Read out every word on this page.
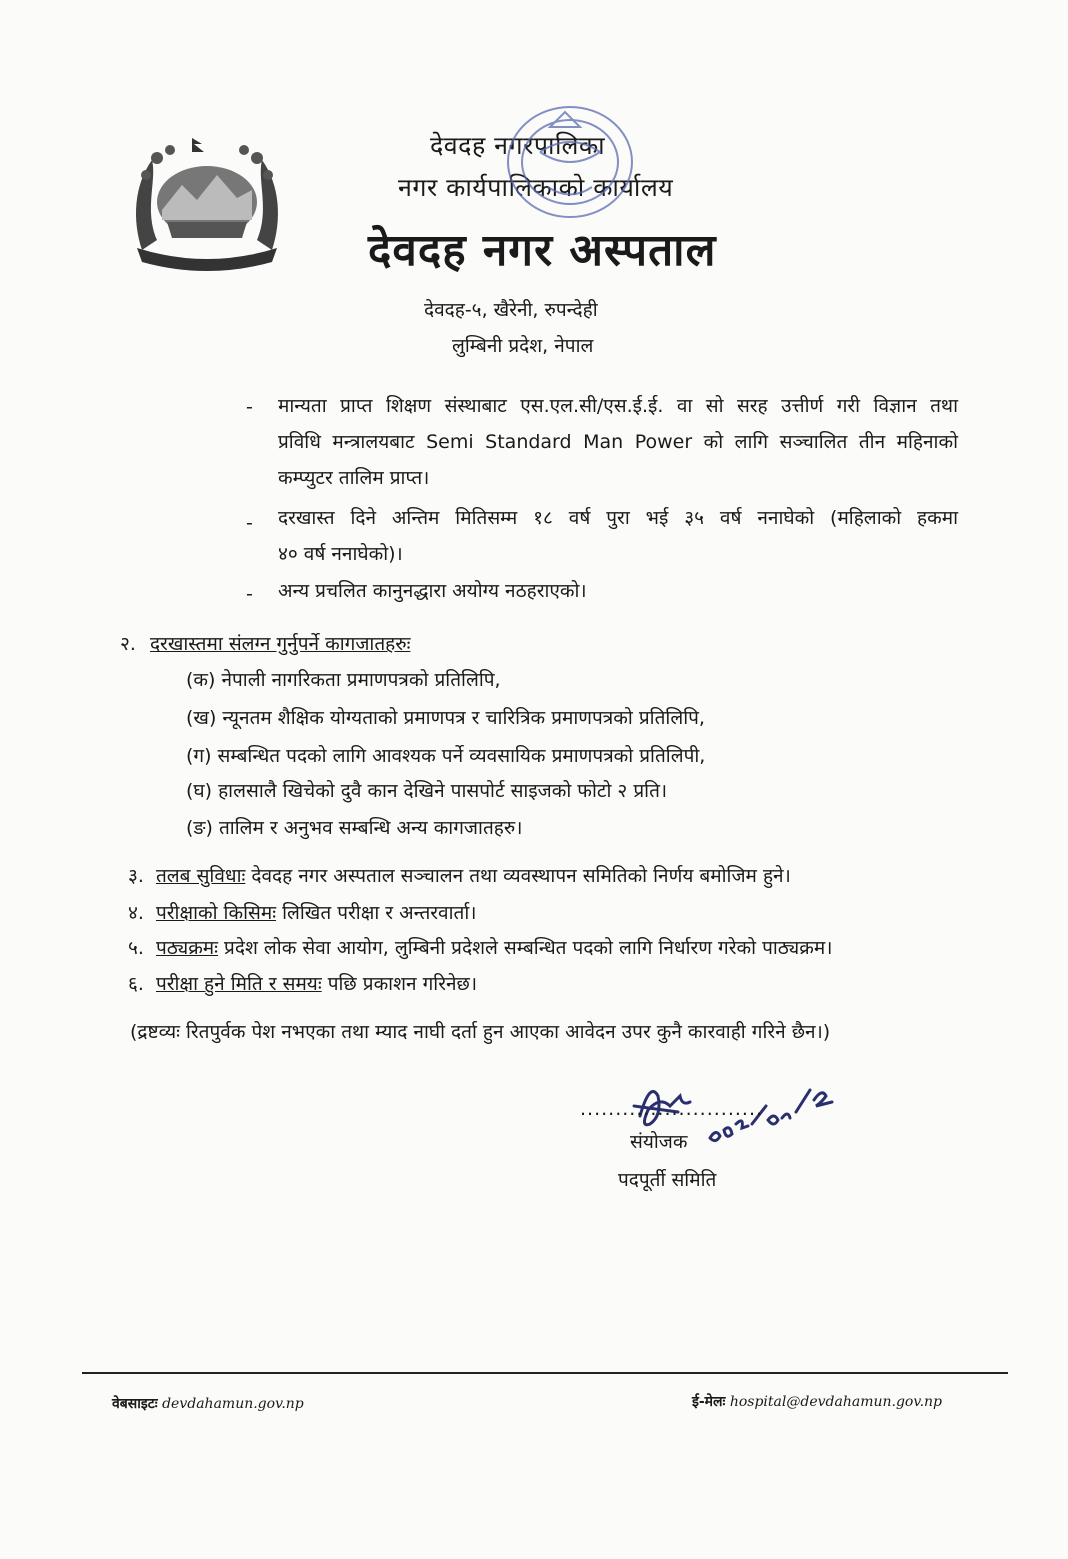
देवदह नगरपालिका
नगर कार्यपालिकाको कार्यालय
देवदह नगर अस्पताल
देवदह-५, खैरेनी, रुपन्देही
लुम्बिनी प्रदेश, नेपाल
- मान्यता प्राप्त शिक्षण संस्थाबाट एस.एल.सी/एस.ई.ई. वा सो सरह उत्तीर्ण गरी विज्ञान तथा
प्रविधि मन्त्रालयबाट Semi Standard Man Power को लागि सञ्चालित तीन महिनाको
कम्प्युटर तालिम प्राप्त।
- दरखास्त दिने अन्तिम मितिसम्म १८ वर्ष पुरा भई ३५ वर्ष ननाघेको (महिलाको हकमा
४० वर्ष ननाघेको)।
- अन्य प्रचलित कानुनद्धारा अयोग्य नठहराएको।
२. दरखास्तमा संलग्न गुर्नुपर्ने कागजातहरुः
(क) नेपाली नागरिकता प्रमाणपत्रको प्रतिलिपि,
(ख) न्यूनतम शैक्षिक योग्यताको प्रमाणपत्र र चारित्रिक प्रमाणपत्रको प्रतिलिपि,
(ग) सम्बन्धित पदको लागि आवश्यक पर्ने व्यवसायिक प्रमाणपत्रको प्रतिलिपी,
(घ) हालसालै खिचेको दुवै कान देखिने पासपोर्ट साइजको फोटो २ प्रति।
(ङ) तालिम र अनुभव सम्बन्धि अन्य कागजातहरु।
३. तलब सुविधाः देवदह नगर अस्पताल सञ्चालन तथा व्यवस्थापन समितिको निर्णय बमोजिम हुने।
४. परीक्षाको किसिमः लिखित परीक्षा र अन्तरवार्ता।
५. पठ्यक्रमः प्रदेश लोक सेवा आयोग, लुम्बिनी प्रदेशले सम्बन्धित पदको लागि निर्धारण गरेको पाठ्यक्रम।
६. परीक्षा हुने मिति र समयः पछि प्रकाशन गरिनेछ।
(द्रष्टव्यः रितपुर्वक पेश नभएका तथा म्याद नाघी दर्ता हुन आएका आवेदन उपर कुनै कारवाही गरिने छैन।)
..........................
संयोजक
पदपूर्ती समिति
वेबसाइटः devdahamun.gov.np	ई-मेलः hospital@devdahamun.gov.np
